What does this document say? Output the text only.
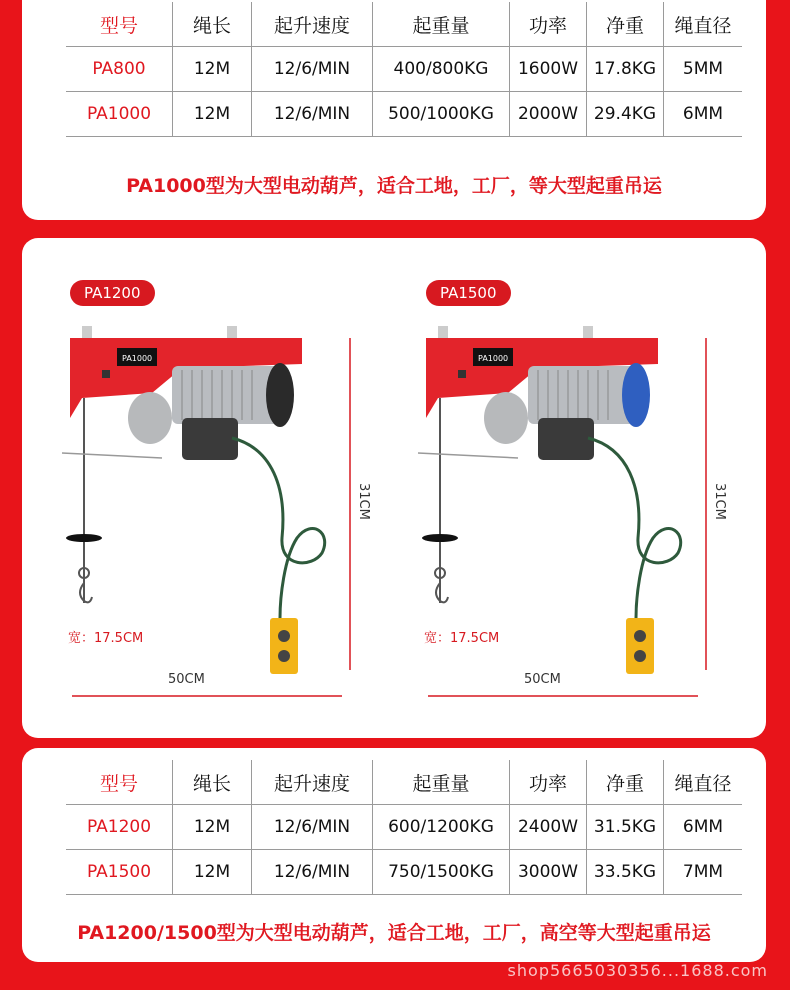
型号	绳长	起升速度	起重量	功率	净重	绳直径
PA800	12M	12/6/MIN	400/800KG	1600W	17.8KG	5MM
PA1000	12M	12/6/MIN	500/1000KG	2000W	29.4KG	6MM
PA1000型为大型电动葫芦，适合工地，工厂，等大型起重吊运
PA1200
PA1000
31CM
宽：17.5CM
50CM
PA1500
PA1000
31CM
宽：17.5CM
50CM
型号	绳长	起升速度	起重量	功率	净重	绳直径
PA1200	12M	12/6/MIN	600/1200KG	2400W	31.5KG	6MM
PA1500	12M	12/6/MIN	750/1500KG	3000W	33.5KG	7MM
PA1200/1500型为大型电动葫芦，适合工地，工厂，高空等大型起重吊运
shop5665030356...1688.com
